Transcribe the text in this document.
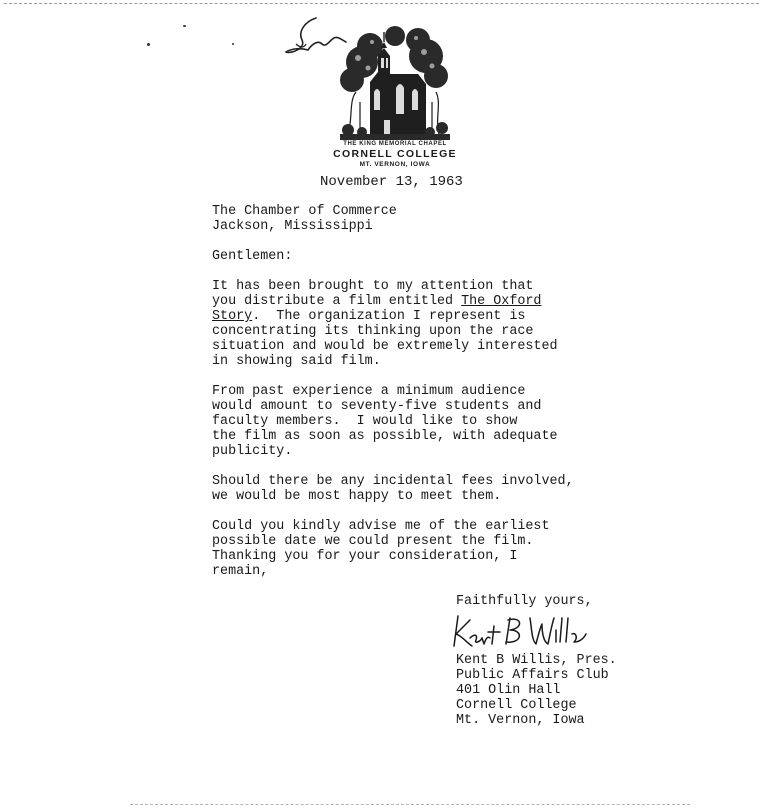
THE KING MEMORIAL CHAPEL
CORNELL COLLEGE
MT. VERNON, IOWA
November 13, 1963
The Chamber of Commerce
Jackson, Mississippi
Gentlemen:
It has been brought to my attention that
you distribute a film entitled The Oxford
Story.  The organization I represent is
concentrating its thinking upon the race
situation and would be extremely interested
in showing said film.
From past experience a minimum audience
would amount to seventy-five students and
faculty members.  I would like to show
the film as soon as possible, with adequate
publicity.
Should there be any incidental fees involved,
we would be most happy to meet them.
Could you kindly advise me of the earliest
possible date we could present the film.
Thanking you for your consideration, I
remain,
Faithfully yours,
Kent B Willis, Pres.
Public Affairs Club
401 Olin Hall
Cornell College
Mt. Vernon, Iowa
